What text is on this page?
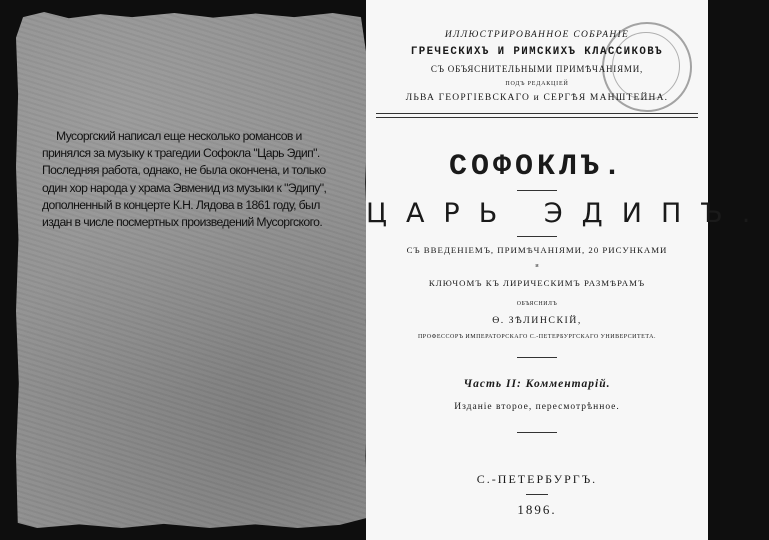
Мусоргский написал еще несколько романсов и принялся за музыку к трагедии Софокла "Царь Эдип". Последняя работа, однако, не была окончена, и только один хор народа у храма Эвменид из музыки к "Эдипу", дополненный в концерте К.Н. Лядова в 1861 году, был издан в числе посмертных произведений Мусоргского.
ИЛЛЮСТРИРОВАННОЕ СОБРАНІЕ
ГРЕЧЕСКИХЪ И РИМСКИХЪ КЛАССИКОВЪ
СЪ ОБЪЯСНИТЕЛЬНЫМИ ПРИМѢЧАНІЯМИ,
ПОДЪ РЕДАКЦІЕЙ
ЛЬВА ГЕОРГІЕВСКАГО и СЕРГѢЯ МАНШТЕЙНА.
СОФОКЛЪ.
ЦАРЬ ЭДИПЪ.
СЪ ВВЕДЕНІЕМЪ, ПРИМѢЧАНІЯМИ, 20 РИСУНКАМИ
и
КЛЮЧОМЪ КЪ ЛИРИЧЕСКИМЪ РАЗМѢРАМЪ
ОБЪЯСНИЛЪ
Ѳ. ЗѢЛИНСКІЙ,
ПРОФЕССОРЪ ИМПЕРАТОРСКАГО С.-ПЕТЕРБУРГСКАГО УНИВЕРСИТЕТА.
Часть II: Комментарій.
Изданіе второе, пересмотрѣнное.
С.-ПЕТЕРБУРГЪ.
1896.
